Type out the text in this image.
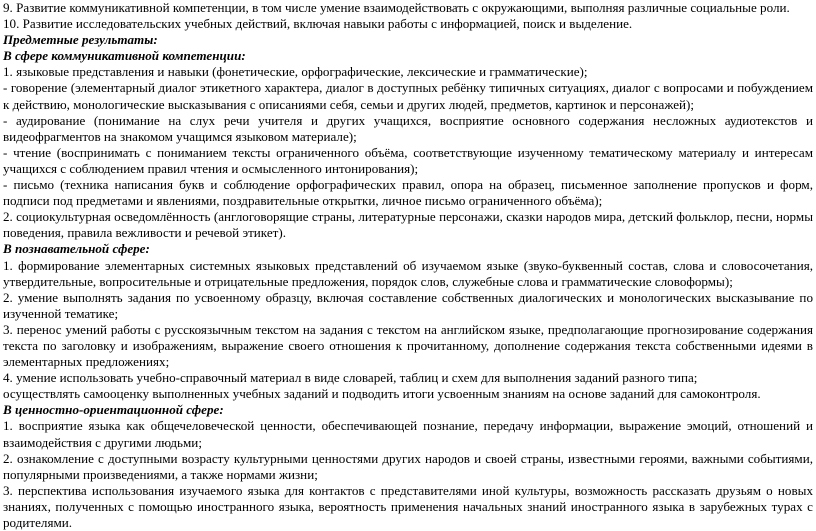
9. Развитие коммуникативной компетенции, в том числе умение взаимодействовать с окружающими, выполняя различные социальные роли.

10. Развитие исследовательских учебных действий, включая навыки работы с информацией, поиск и выделение.

Предметные результаты:

В сфере коммуникативной компетенции:

1. языковые представления и навыки (фонетические, орфографические, лексические и грамматические);

- говорение (элементарный диалог этикетного характера, диалог в доступных ребёнку типичных ситуациях, диалог с вопросами и побуждением к действию, монологические высказывания с описаниями себя, семьи и других людей, предметов, картинок и персонажей);

- аудирование (понимание на слух речи учителя и других учащихся, восприятие основного содержания несложных аудиотекстов и видеофрагментов на знакомом учащимся языковом материале);

- чтение (воспринимать с пониманием тексты ограниченного объёма, соответствующие изученному тематическому материалу и интересам учащихся с соблюдением правил чтения и осмысленного интонирования);

- письмо (техника написания букв и соблюдение орфографических правил, опора на образец, письменное заполнение пропусков и форм, подписи под предметами и явлениями, поздравительные открытки, личное письмо ограниченного объёма);

2. социокультурная осведомлённость (англоговорящие страны, литературные персонажи, сказки народов мира, детский фольклор, песни, нормы поведения, правила вежливости и речевой этикет).

В познавательной сфере:

1. формирование элементарных системных языковых представлений об изучаемом языке (звуко-буквенный состав, слова и словосочетания, утвердительные, вопросительные и отрицательные предложения, порядок слов, служебные слова и грамматические словоформы);

2. умение выполнять задания по усвоенному образцу, включая составление собственных диалогических и монологических высказывание по изученной тематике;

3. перенос умений работы с русскоязычным текстом на задания с текстом на английском языке, предполагающие прогнозирование содержания текста по заголовку и изображениям, выражение своего отношения к прочитанному, дополнение содержания текста собственными идеями в элементарных предложениях;

4. умение использовать учебно-справочный материал в виде словарей, таблиц и схем для выполнения заданий разного типа;

осуществлять самооценку выполненных учебных заданий и подводить итоги усвоенным знаниям на основе заданий для самоконтроля.

В ценностно-ориентационной сфере:

1. восприятие языка как общечеловеческой ценности, обеспечивающей познание, передачу информации, выражение эмоций, отношений и взаимодействия с другими людьми;

2. ознакомление с доступными возрасту культурными ценностями других народов и своей страны, известными героями, важными событиями, популярными произведениями, а также нормами жизни;

3. перспектива использования изучаемого языка для контактов с представителями иной культуры, возможность рассказать друзьям о новых знаниях, полученных с помощью иностранного языка, вероятность применения начальных знаний иностранного языка в зарубежных турах с родителями.
